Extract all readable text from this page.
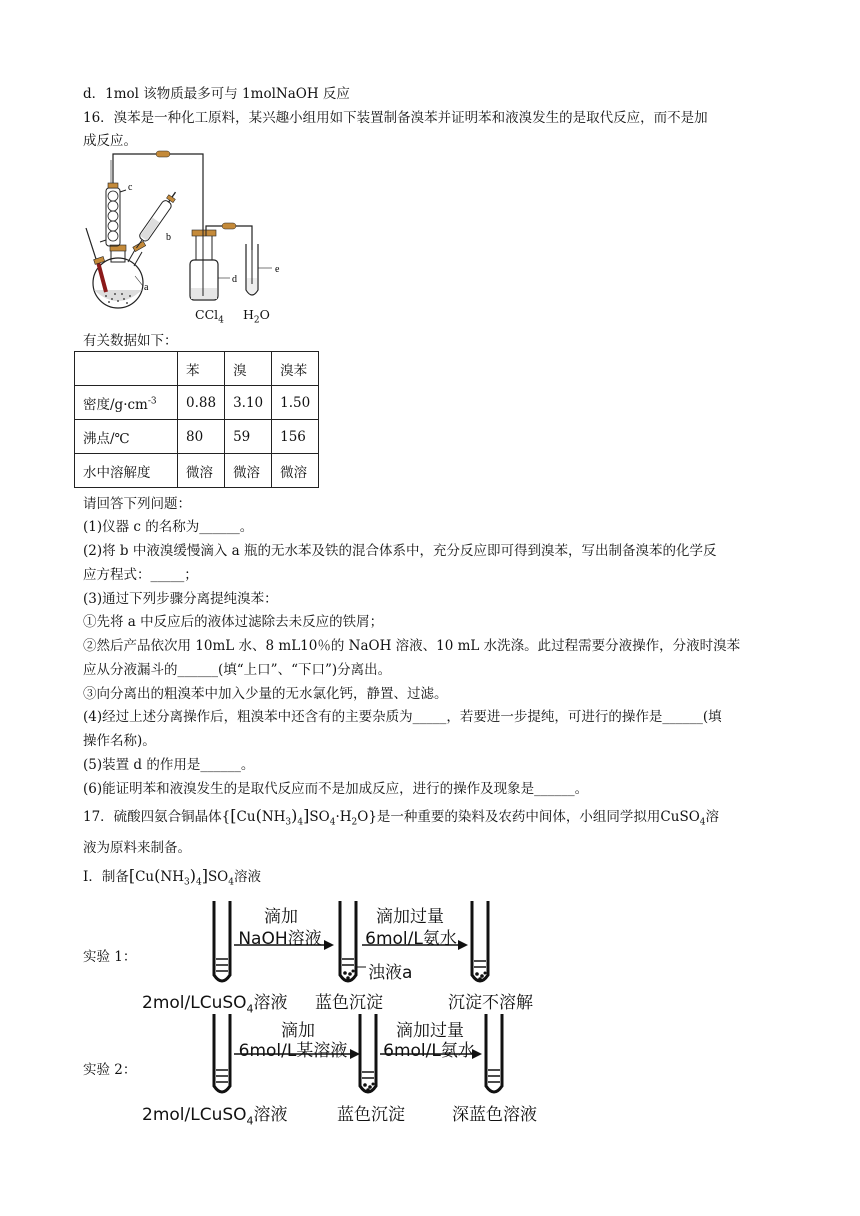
d．1mol 该物质最多可与 1molNaOH 反应
16．溴苯是一种化工原料，某兴趣小组用如下装置制备溴苯并证明苯和液溴发生的是取代反应，而不是加
成反应。
c
b
a
d
e
CCl$_4$ $H_2O$
有关数据如下：
	苯	溴	溴苯
密度$/g\cdot cm^{-3}$	0.88	3.10	1.50
沸点/℃	80	59	156
水中溶解度	微溶	微溶	微溶
请回答下列问题：
(1)仪器 c 的名称为______。
(2)将 b 中液溴缓慢滴入 a 瓶的无水苯及铁的混合体系中，充分反应即可得到溴苯，写出制备溴苯的化学反
应方程式：_____；
(3)通过下列步骤分离提纯溴苯：
①先将 a 中反应后的液体过滤除去未反应的铁屑；
②然后产品依次用 10mL 水、8 mL10％的 NaOH 溶液、10 mL 水洗涤。此过程需要分液操作，分液时溴苯
应从分液漏斗的______(填“上口”、“下口”)分离出。
③向分离出的粗溴苯中加入少量的无水氯化钙，静置、过滤。
(4)经过上述分离操作后，粗溴苯中还含有的主要杂质为_____，若要进一步提纯，可进行的操作是______(填
操作名称)。
(5)装置 d 的作用是______。
(6)能证明苯和液溴发生的是取代反应而不是加成反应，进行的操作及现象是______。
17．硫酸四氨合铜晶体$\{[Cu(NH_3)_4]SO_4\cdot H_2O\}$是一种重要的染料及农药中间体，小组同学拟用CuSO$_4$溶
液为原料来制备。
Ⅰ．制备$[Cu(NH_3)_4]SO_4$溶液
实验 1：
滴加
NaOH溶液
滴加过量
6mol/L氨水
浊液a
2mol/LCuSO$_4$溶液 蓝色沉淀	沉淀不溶解
实验 2：
滴加
6mol/L某溶液
滴加过量
6mol/L氨水
2mol/LCuSO$_4$溶液	蓝色沉淀	深蓝色溶液
